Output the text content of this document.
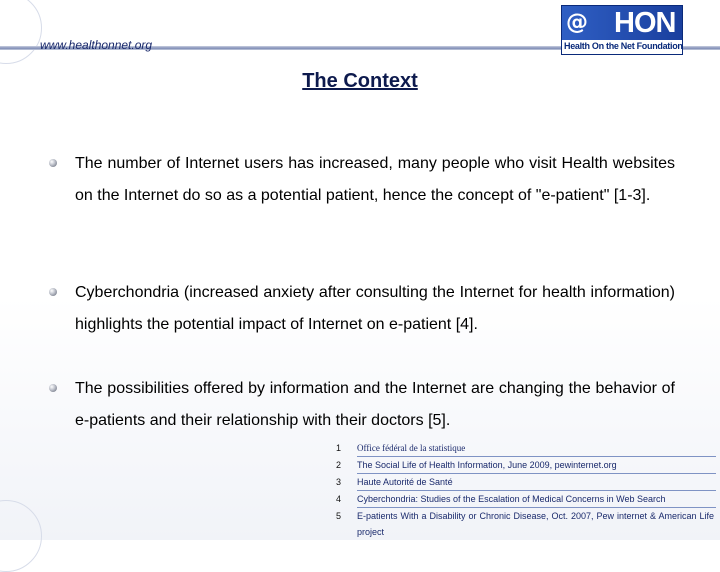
www.healthonnet.org
@ HON
Health On the Net Foundation
The Context
The number of Internet users has increased, many people who visit Health websites on the Internet do so as a potential patient, hence the concept of "e-patient" [1-3].
Cyberchondria (increased anxiety after consulting the Internet for health information) highlights the potential impact of Internet on e-patient [4].
The possibilities offered by information and the Internet are changing the behavior of e-patients and their relationship with their doctors [5].
1	Office fédéral de la statistique
2	The Social Life of Health Information, June 2009, pewinternet.org
3	Haute Autorité de Santé
4	Cyberchondria: Studies of the Escalation of Medical Concerns in Web Search
5	E-patients With a Disability or Chronic Disease, Oct. 2007, Pew internet & American Life project
